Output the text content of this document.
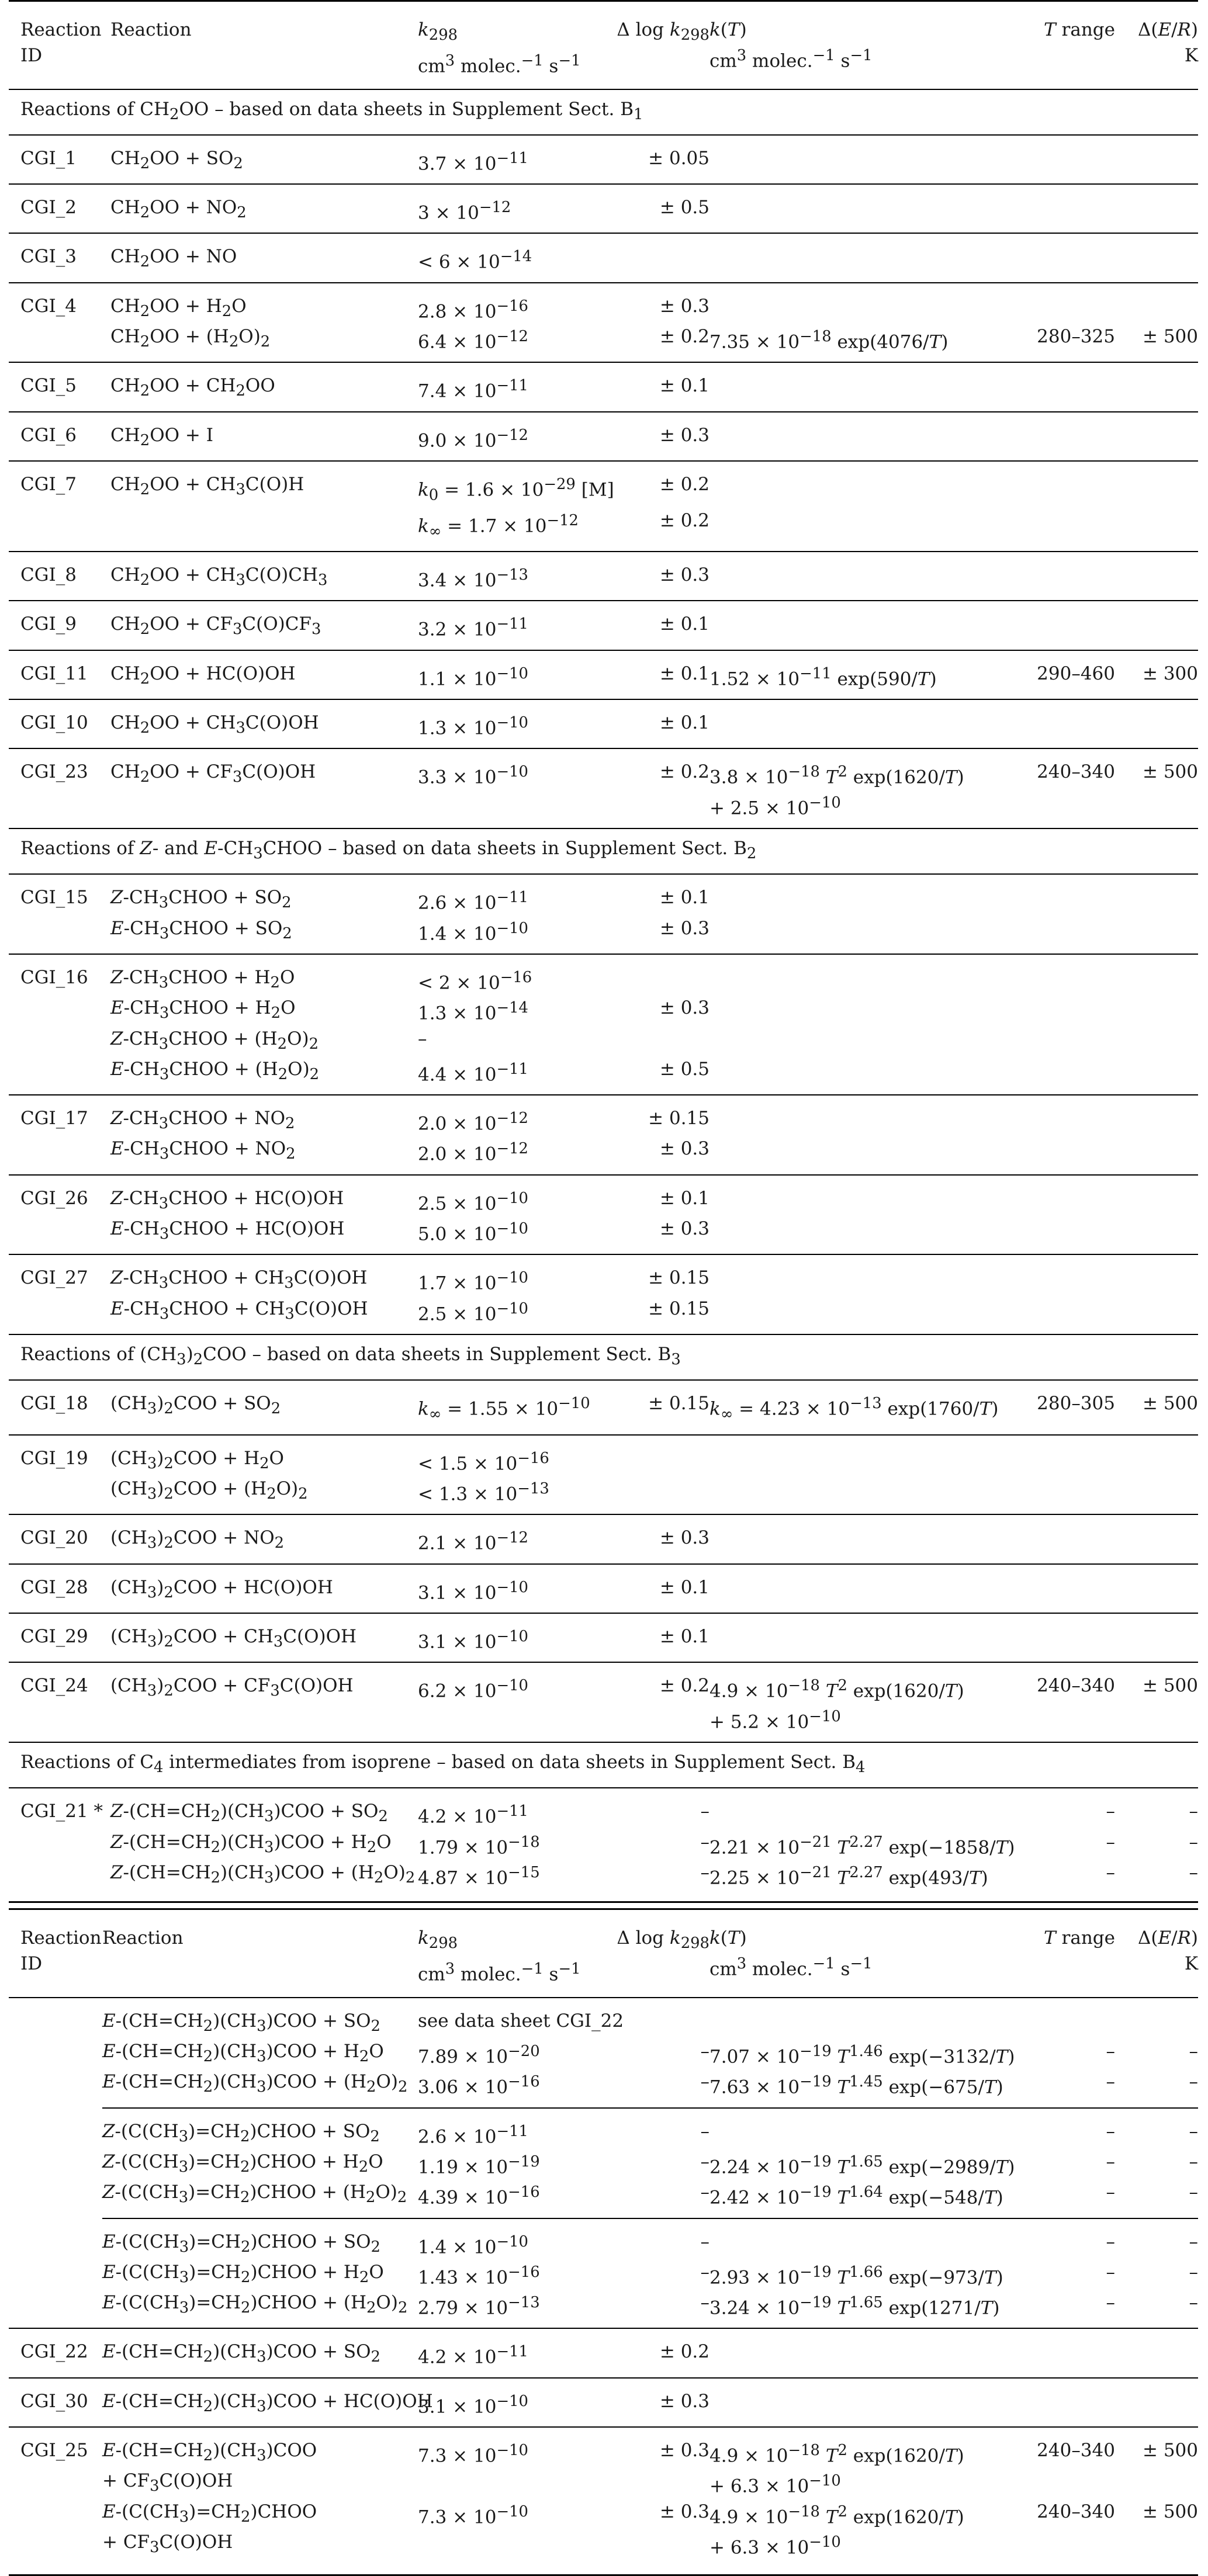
Reaction
ID	Reaction	$k_{298}$
$cm^3$ molec.$^{-1}$ $s^{-1}$	Δ $\log k_{298}$	k(T)
$cm^3$ molec.$^{-1}$ $s^{-1}$	T range	Δ(E/R)
K

Reactions of $CH_2OO$ – based on data sheets in Supplement Sect. $B_1$
CGI_1	$CH_2OO + SO_2$	$3.7 \times 10^{-11}$	± 0.05			
CGI_2	$CH_2OO + NO_2$	$3 \times 10^{-12}$	± 0.5			
CGI_3	$CH_2OO$ + NO	< $6 \times 10^{-14}$				
CGI_4	$CH_2OO + H_2O$	$2.8 \times 10^{-16}$	± 0.3			
	$CH_2OO + (H_2O)_2$	$6.4 \times 10^{-12}$	± 0.2	$7.35 \times 10^{-18}$ exp(4076/T)	280–325	± 500
CGI_5	$CH_2OO + CH_2OO$	$7.4 \times 10^{-11}$	± 0.1			
CGI_6	$CH_2OO + I$	$9.0 \times 10^{-12}$	± 0.3			
CGI_7	$CH_2OO + CH_3C(O)H$	$k_0 = 1.6 \times 10^{-29}$ [M]	± 0.2			
		$k_\infty = 1.7 \times 10^{-12}$	± 0.2			
CGI_8	$CH_2OO + CH_3C(O)CH_3$	$3.4 \times 10^{-13}$	± 0.3			
CGI_9	$CH_2OO + CF_3C(O)CF_3$	$3.2 \times 10^{-11}$	± 0.1			
CGI_11	$CH_2OO + HC(O)OH$	$1.1 \times 10^{-10}$	± 0.1	$1.52 \times 10^{-11}$ exp(590/T)	290–460	± 300
CGI_10	$CH_2OO + CH_3C(O)OH$	$1.3 \times 10^{-10}$	± 0.1			
CGI_23	$CH_2OO + CF_3C(O)OH$	$3.3 \times 10^{-10}$	± 0.2	$3.8 \times 10^{-18}$ $T^2$ exp(1620/T)	240–340	± 500
				+ $2.5 \times 10^{-10}$		
Reactions of Z- and $E-CH_3CHOO$ – based on data sheets in Supplement Sect. $B_2$
CGI_15	$Z-CH_3CHOO + SO_2$	$2.6 \times 10^{-11}$	± 0.1			
	$E-CH_3CHOO + SO_2$	$1.4 \times 10^{-10}$	± 0.3			
CGI_16	$Z-CH_3CHOO + H_2O$	< $2 \times 10^{-16}$				
	$E-CH_3CHOO + H_2O$	$1.3 \times 10^{-14}$	± 0.3			
	$Z-CH_3CHOO + (H_2O)_2$	–				
	$E-CH_3CHOO + (H_2O)_2$	$4.4 \times 10^{-11}$	± 0.5			
CGI_17	$Z-CH_3CHOO + NO_2$	$2.0 \times 10^{-12}$	± 0.15			
	$E-CH_3CHOO + NO_2$	$2.0 \times 10^{-12}$	± 0.3			
CGI_26	$Z-CH_3CHOO + HC(O)OH$	$2.5 \times 10^{-10}$	± 0.1			
	$E-CH_3CHOO + HC(O)OH$	$5.0 \times 10^{-10}$	± 0.3			
CGI_27	$Z-CH_3CHOO + CH_3C(O)OH$	$1.7 \times 10^{-10}$	± 0.15			
	$E-CH_3CHOO + CH_3C(O)OH$	$2.5 \times 10^{-10}$	± 0.15			
Reactions of $(CH_3)_2COO$ – based on data sheets in Supplement Sect. $B_3$
CGI_18	$(CH_3)_2COO + SO_2$	$k_\infty = 1.55 \times 10^{-10}$	± 0.15	$k_\infty = 4.23 \times 10^{-13}$ exp(1760/T)	280–305	± 500
CGI_19	$(CH_3)_2COO + H_2O$	< $1.5 \times 10^{-16}$				
	$(CH_3)_2COO + (H_2O)_2$	< $1.3 \times 10^{-13}$				
CGI_20	$(CH_3)_2COO + NO_2$	$2.1 \times 10^{-12}$	± 0.3			
CGI_28	$(CH_3)_2COO + HC(O)OH$	$3.1 \times 10^{-10}$	± 0.1			
CGI_29	$(CH_3)_2COO + CH_3C(O)OH$	$3.1 \times 10^{-10}$	± 0.1			
CGI_24	$(CH_3)_2COO + CF_3C(O)OH$	$6.2 \times 10^{-10}$	± 0.2	$4.9 \times 10^{-18}$ $T^2$ exp(1620/T)	240–340	± 500
				+ $5.2 \times 10^{-10}$		
Reactions of $C_4$ intermediates from isoprene – based on data sheets in Supplement Sect. $B_4$
CGI_21 *	$Z-(CH=CH_2)(CH_3)COO + SO_2$	$4.2 \times 10^{-11}$	–		–	–
	$Z-(CH=CH_2)(CH_3)COO + H_2O$	$1.79 \times 10^{-18}$	–	$2.21 \times 10^{-21}$ $T^{2.27}$ exp(−1858/T)	–	–
	$Z-(CH=CH_2)(CH_3)COO + (H_2O)_2$	$4.87 \times 10^{-15}$	–	$2.25 \times 10^{-21}$ $T^{2.27}$ exp(493/T)	–	–
Reaction
ID	Reaction	$k_{298}$
$cm^3$ molec.$^{-1}$ $s^{-1}$	Δ $\log k_{298}$	k(T)
$cm^3$ molec.$^{-1}$ $s^{-1}$	T range	Δ(E/R)
K

	$E-(CH=CH_2)(CH_3)COO + SO_2$	see data sheet CGI_22				
	$E-(CH=CH_2)(CH_3)COO + H_2O$	$7.89 \times 10^{-20}$	–	$7.07 \times 10^{-19}$ $T^{1.46}$ exp(−3132/T)	–	–
	$E-(CH=CH_2)(CH_3)COO + (H_2O)_2$	$3.06 \times 10^{-16}$	–	$7.63 \times 10^{-19}$ $T^{1.45}$ exp(−675/T)	–	–
	$Z-(C(CH_3)=CH_2)CHOO + SO_2$	$2.6 \times 10^{-11}$	–		–	–
	$Z-(C(CH_3)=CH_2)CHOO + H_2O$	$1.19 \times 10^{-19}$	–	$2.24 \times 10^{-19}$ $T^{1.65}$ exp(−2989/T)	–	–
	$Z-(C(CH_3)=CH_2)CHOO + (H_2O)_2$	$4.39 \times 10^{-16}$	–	$2.42 \times 10^{-19}$ $T^{1.64}$ exp(−548/T)	–	–
	$E-(C(CH_3)=CH_2)CHOO + SO_2$	$1.4 \times 10^{-10}$	–		–	–
	$E-(C(CH_3)=CH_2)CHOO + H_2O$	$1.43 \times 10^{-16}$	–	$2.93 \times 10^{-19}$ $T^{1.66}$ exp(−973/T)	–	–
	$E-(C(CH_3)=CH_2)CHOO + (H_2O)_2$	$2.79 \times 10^{-13}$	–	$3.24 \times 10^{-19}$ $T^{1.65}$ exp(1271/T)	–	–
CGI_22	$E-(CH=CH_2)(CH_3)COO + SO_2$	$4.2 \times 10^{-11}$	± 0.2			
CGI_30	$E-(CH=CH_2)(CH_3)COO + HC(O)OH$	$3.1 \times 10^{-10}$	± 0.3			
CGI_25	$E-(CH=CH_2)(CH_3)COO$	$7.3 \times 10^{-10}$	± 0.3	$4.9 \times 10^{-18}$ $T^2$ exp(1620/T)	240–340	± 500
	+ $CF_3C(O)OH$			+ $6.3 \times 10^{-10}$		
	$E-(C(CH_3)=CH_2)CHOO$	$7.3 \times 10^{-10}$	± 0.3	$4.9 \times 10^{-18}$ $T^2$ exp(1620/T)	240–340	± 500
	+ $CF_3C(O)OH$			+ $6.3 \times 10^{-10}$		
